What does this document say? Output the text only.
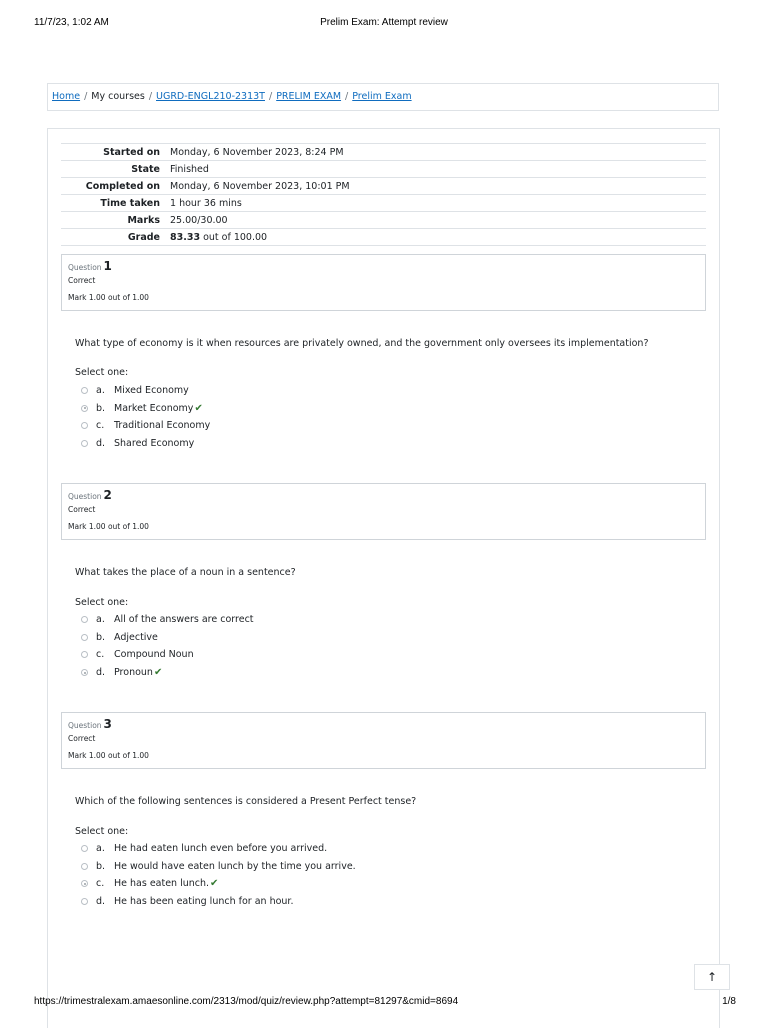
11/7/23, 1:02 AM	Prelim Exam: Attempt review
Home / My courses / UGRD-ENGL210-2313T / PRELIM EXAM / Prelim Exam
Started on	Monday, 6 November 2023, 8:24 PM
State	Finished
Completed on	Monday, 6 November 2023, 10:01 PM
Time taken	1 hour 36 mins
Marks	25.00/30.00
Grade	83.33 out of 100.00
Question 1
Correct
Mark 1.00 out of 1.00
What type of economy is it when resources are privately owned, and the government only oversees its implementation?
Select one:
a. Mixed Economy
b. Market Economy ✔
c.	Traditional Economy
d. Shared Economy
Question 2
Correct
Mark 1.00 out of 1.00
What takes the place of a noun in a sentence?
Select one:
a. All of the answers are correct
b. Adjective
c.	Compound Noun
d. Pronoun ✔
Question 3
Correct
Mark 1.00 out of 1.00
Which of the following sentences is considered a Present Perfect tense?
Select one:
a. He had eaten lunch even before you arrived.
b. He would have eaten lunch by the time you arrive.
c.	He has eaten lunch. ✔
d. He has been eating lunch for an hour.
↑
https://trimestralexam.amaesonline.com/2313/mod/quiz/review.php?attempt=81297&cmid=8694	1/8
